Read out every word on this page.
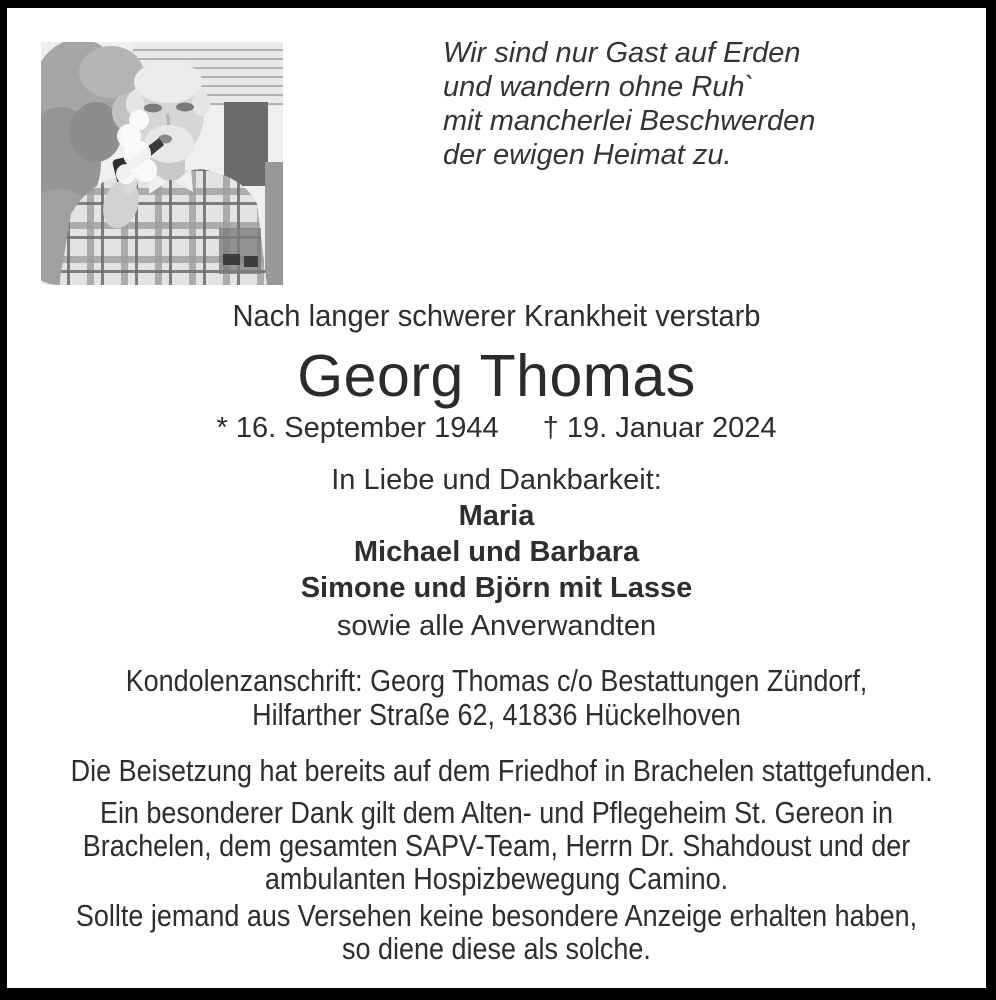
Wir sind nur Gast auf Erden
und wandern ohne Ruh`
mit mancherlei Beschwerden
der ewigen Heimat zu.
Nach langer schwerer Krankheit verstarb
Georg Thomas
* 16. September 1944 † 19. Januar 2024
In Liebe und Dankbarkeit:
Maria
Michael und Barbara
Simone und Björn mit Lasse
sowie alle Anverwandten
Kondolenzanschrift: Georg Thomas c/o Bestattungen Zündorf,
Hilfarther Straße 62, 41836 Hückelhoven
Die Beisetzung hat bereits auf dem Friedhof in Brachelen stattgefunden.
Ein besonderer Dank gilt dem Alten- und Pflegeheim St. Gereon in
Brachelen, dem gesamten SAPV-Team, Herrn Dr. Shahdoust und der
ambulanten Hospizbewegung Camino.
Sollte jemand aus Versehen keine besondere Anzeige erhalten haben,
so diene diese als solche.
